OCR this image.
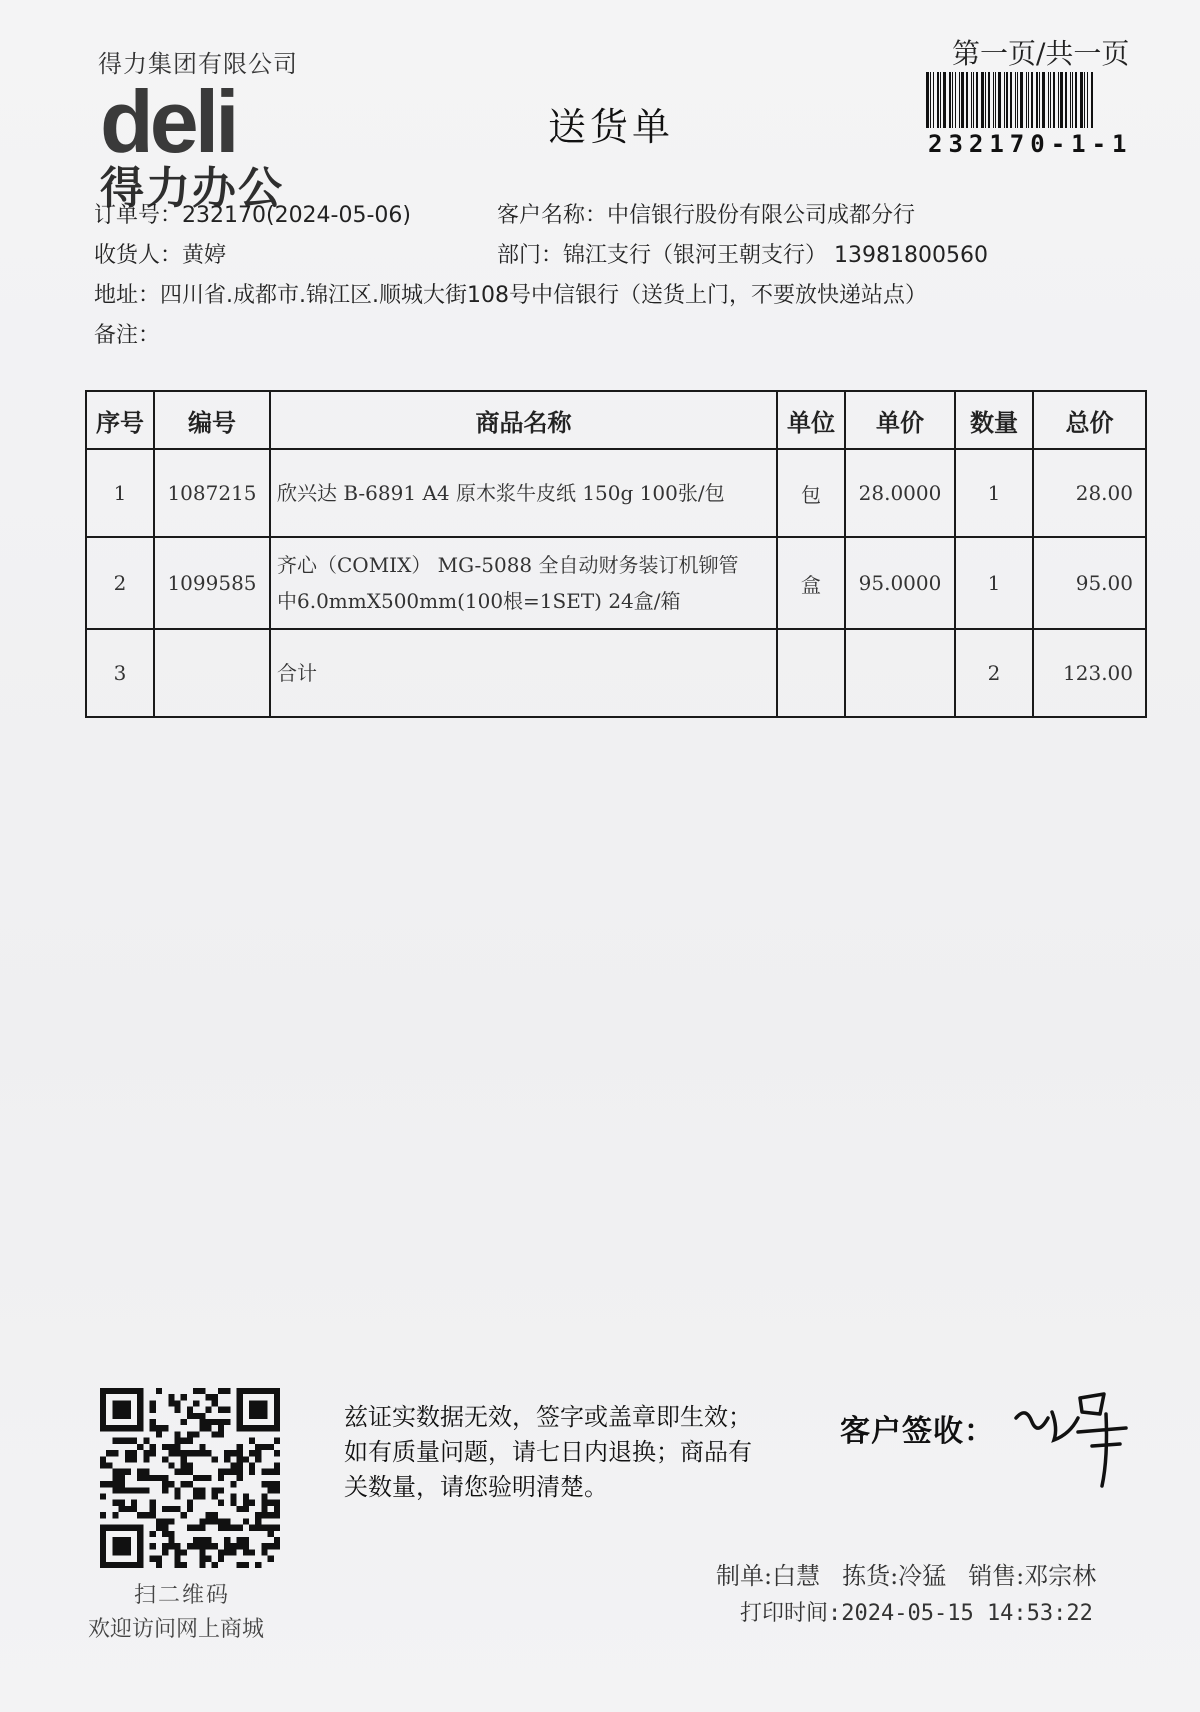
得力集团有限公司
deli
得力办公
送货单
第一页/共一页
232170-1-1
订单号：232170(2024-05-06)	客户名称：中信银行股份有限公司成都分行
收货人：黄婷	部门：锦江支行（银河王朝支行） 13981800560
地址：四川省.成都市.锦江区.顺城大街108号中信银行（送货上门，不要放快递站点）
备注：
序号	编号	商品名称	单位	单价	数量	总价
1	1087215	欣兴达 B-6891 A4 原木浆牛皮纸 150g 100张/包	包	28.0000	1	28.00
2	1099585	齐心（COMIX） MG-5088 全自动财务装订机铆管
中6.0mmX500mm(100根=1SET) 24盒/箱	盒	95.0000	1	95.00
3		合计			2	123.00
扫二维码
欢迎访问网上商城
兹证实数据无效，签字或盖章即生效；如有质量问题，请七日内退换；商品有关数量，请您验明清楚。
客户签收：
制单:白慧 拣货:冷猛 销售:邓宗林
打印时间:2024-05-15 14:53:22
